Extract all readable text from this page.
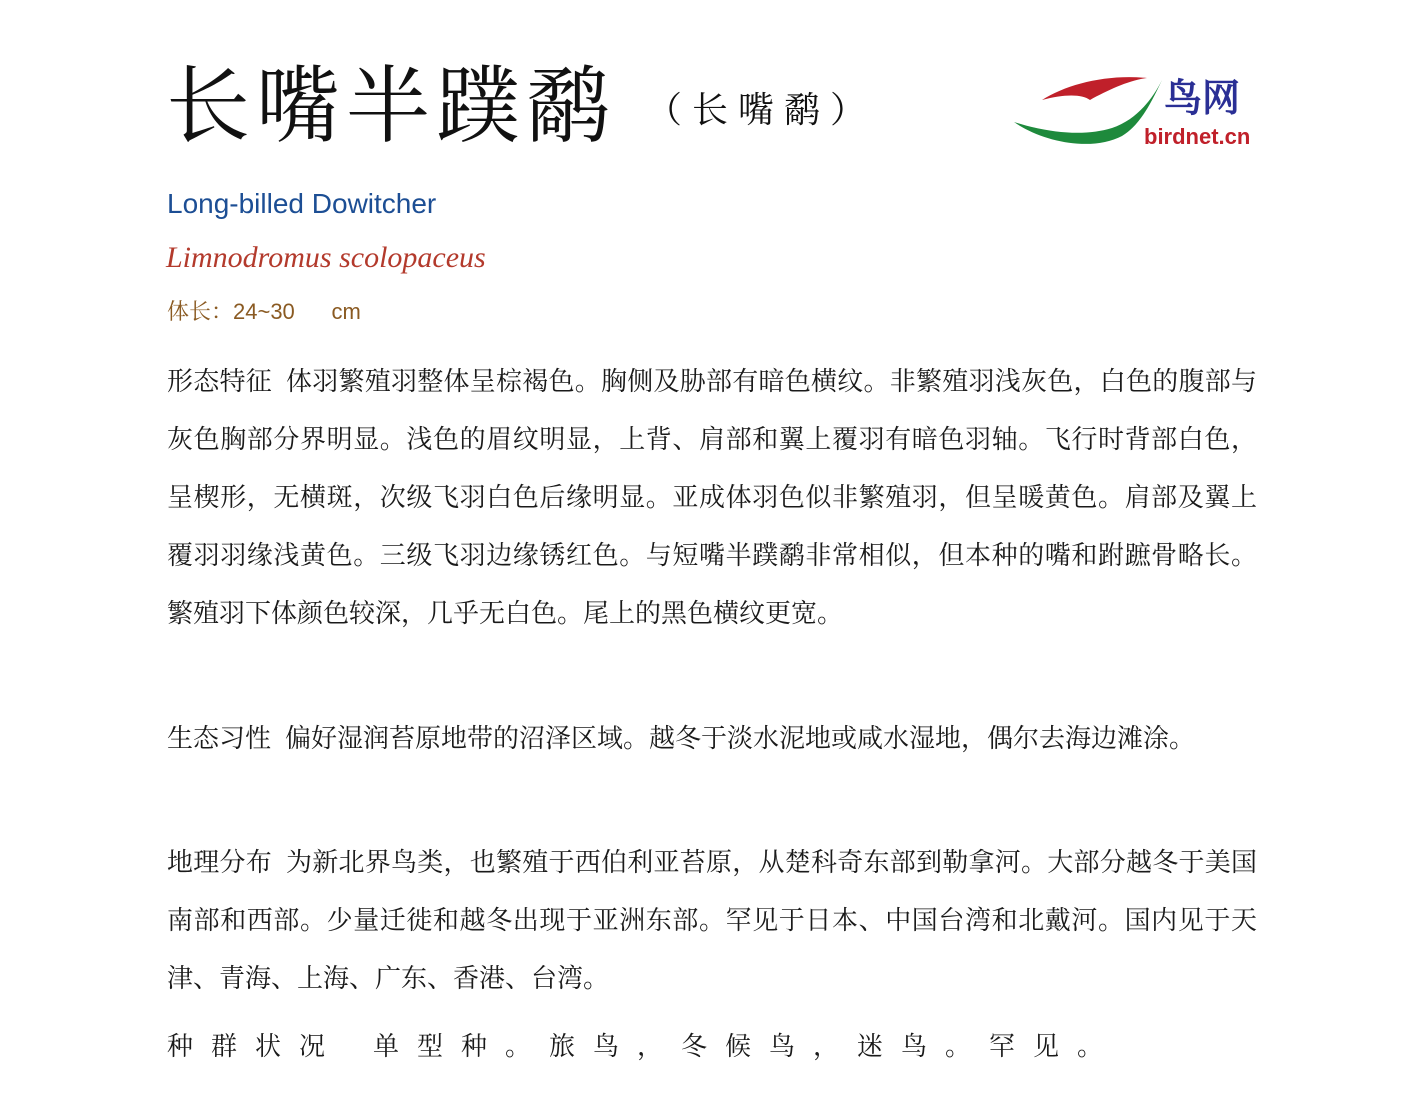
长嘴半蹼鹬 （长嘴鹬）	鸟网
birdnet.cn
Long-billed Dowitcher
Limnodromus scolopaceus
体长：24~30      cm
形态特征 体羽繁殖羽整体呈棕褐色。胸侧及胁部有暗色横纹。非繁殖羽浅灰色，白色的腹部与灰色胸部分界明显。浅色的眉纹明显，上背、肩部和翼上覆羽有暗色羽轴。飞行时背部白色，呈楔形，无横斑，次级飞羽白色后缘明显。亚成体羽色似非繁殖羽，但呈暖黄色。肩部及翼上覆羽羽缘浅黄色。三级飞羽边缘锈红色。与短嘴半蹼鹬非常相似，但本种的嘴和跗蹠骨略长。繁殖羽下体颜色较深，几乎无白色。尾上的黑色横纹更宽。
生态习性 偏好湿润苔原地带的沼泽区域。越冬于淡水泥地或咸水湿地，偶尔去海边滩涂。
地理分布 为新北界鸟类，也繁殖于西伯利亚苔原，从楚科奇东部到勒拿河。大部分越冬于美国南部和西部。少量迁徙和越冬出现于亚洲东部。罕见于日本、中国台湾和北戴河。国内见于天津、青海、上海、广东、香港、台湾。
种群状况 单型种。旅鸟，冬候鸟，迷鸟。罕见。
